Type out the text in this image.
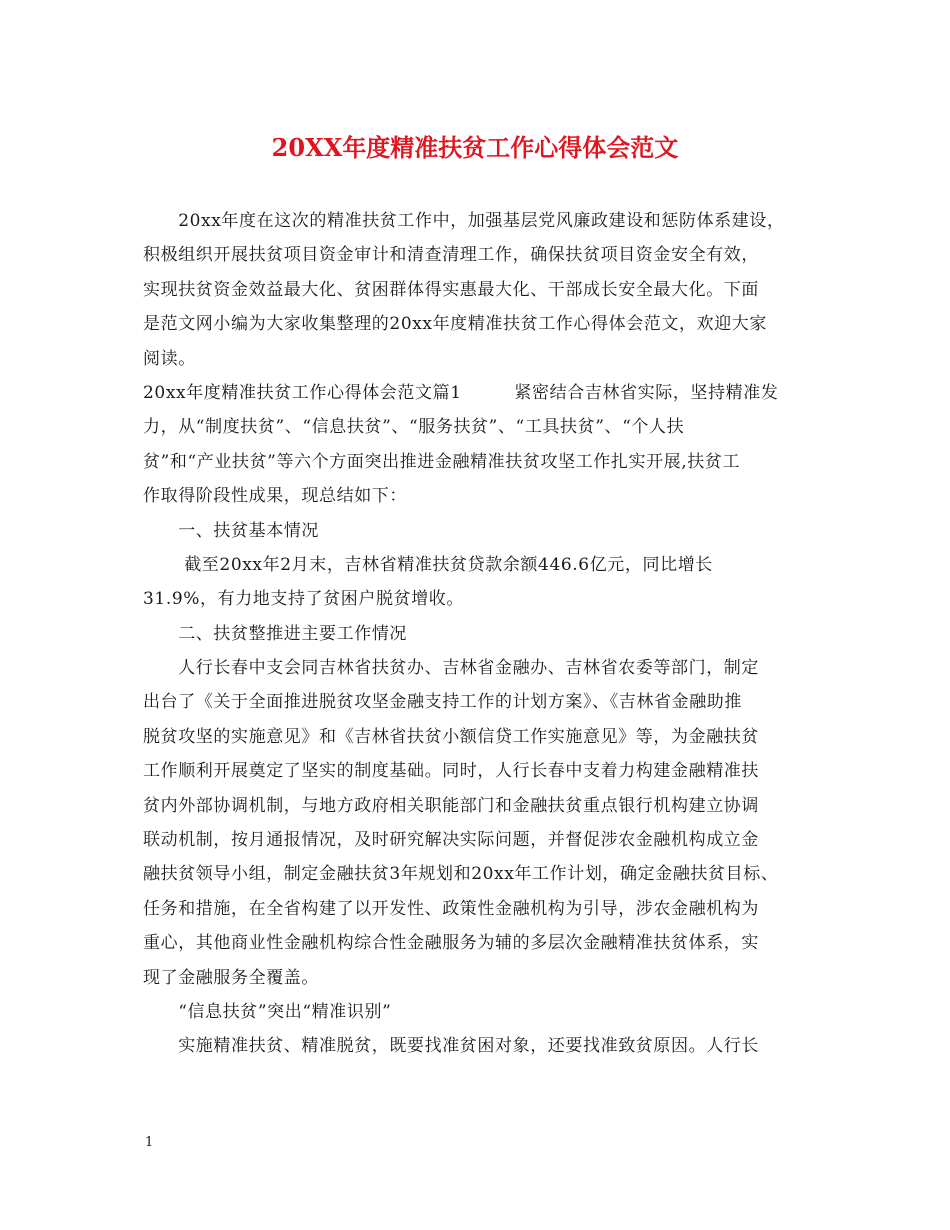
20XX年度精准扶贫工作心得体会范文
　　20xx年度在这次的精准扶贫工作中，加强基层党风廉政建设和惩防体系建设，
积极组织开展扶贫项目资金审计和清查清理工作，确保扶贫项目资金安全有效，
实现扶贫资金效益最大化、贫困群体得实惠最大化、干部成长安全最大化。下面
是范文网小编为大家收集整理的20xx年度精准扶贫工作心得体会范文，欢迎大家
阅读。
20xx年度精准扶贫工作心得体会范文篇1　　　紧密结合吉林省实际，坚持精准发
力，从“制度扶贫”、“信息扶贫”、“服务扶贫”、“工具扶贫”、“个人扶
贫”和“产业扶贫”等六个方面突出推进金融精准扶贫攻坚工作扎实开展,扶贫工
作取得阶段性成果，现总结如下：
　　一、扶贫基本情况
　　 截至20xx年2月末，吉林省精准扶贫贷款余额446.6亿元，同比增长
31.9%，有力地支持了贫困户脱贫增收。
　　二、扶贫整推进主要工作情况
　　人行长春中支会同吉林省扶贫办、吉林省金融办、吉林省农委等部门，制定
出台了《关于全面推进脱贫攻坚金融支持工作的计划方案》、《吉林省金融助推
脱贫攻坚的实施意见》和《吉林省扶贫小额信贷工作实施意见》等，为金融扶贫
工作顺利开展奠定了坚实的制度基础。同时，人行长春中支着力构建金融精准扶
贫内外部协调机制，与地方政府相关职能部门和金融扶贫重点银行机构建立协调
联动机制，按月通报情况，及时研究解决实际问题，并督促涉农金融机构成立金
融扶贫领导小组，制定金融扶贫3年规划和20xx年工作计划，确定金融扶贫目标、
任务和措施，在全省构建了以开发性、政策性金融机构为引导，涉农金融机构为
重心，其他商业性金融机构综合性金融服务为辅的多层次金融精准扶贫体系，实
现了金融服务全覆盖。
　　“信息扶贫”突出“精准识别”
　　实施精准扶贫、精准脱贫，既要找准贫困对象，还要找准致贫原因。人行长
1
